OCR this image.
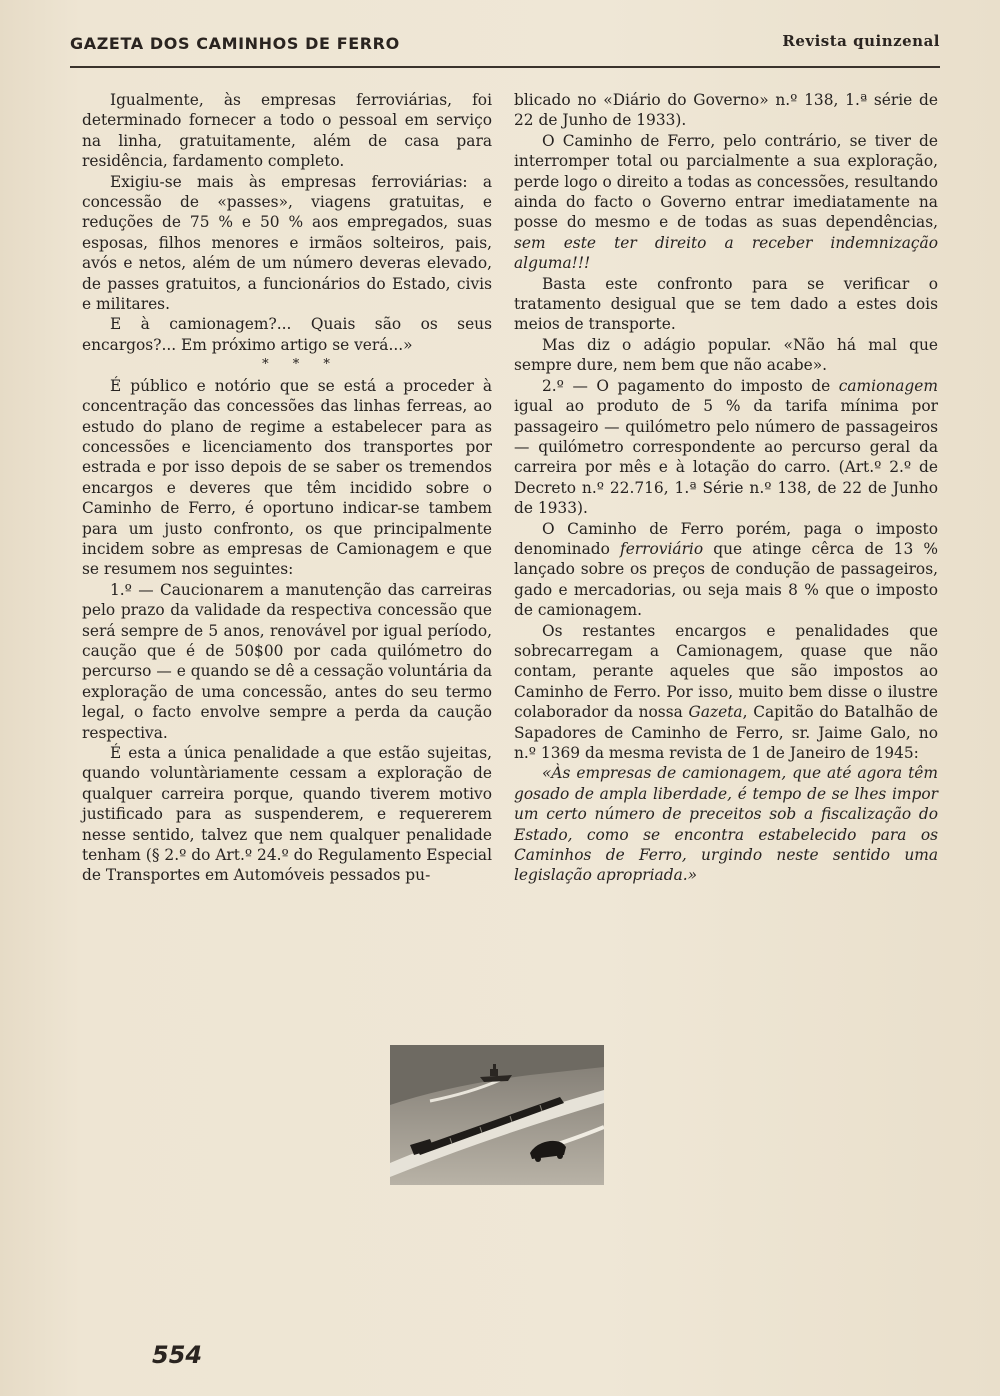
GAZETA DOS CAMINHOS DE FERRO	Revista quinzenal

Igualmente, às empresas ferroviárias, foi determinado fornecer a todo o pessoal em serviço na linha, gratuitamente, além de casa para residência, fardamento completo.

Exigiu-se mais às empresas ferroviárias: a concessão de «passes», viagens gratuitas, e reduções de 75 % e 50 % aos empregados, suas esposas, filhos menores e irmãos solteiros, pais, avós e netos, além de um número deveras elevado, de passes gratuitos, a funcionários do Estado, civis e militares.

E à camionagem?... Quais são os seus encargos?... Em próximo artigo se verá...»

* * *

É público e notório que se está a proceder à concentração das concessões das linhas ferreas, ao estudo do plano de regime a estabelecer para as concessões e licenciamento dos transportes por estrada e por isso depois de se saber os tremendos encargos e deveres que têm incidido sobre o Caminho de Ferro, é oportuno indicar-se tambem para um justo confronto, os que principalmente incidem sobre as empresas de Camionagem e que se resumem nos seguintes:

1.º — Caucionarem a manutenção das carreiras pelo prazo da validade da respectiva concessão que será sempre de 5 anos, renovável por igual período, caução que é de 50$00 por cada quilómetro do percurso — e quando se dê a cessação voluntária da exploração de uma concessão, antes do seu termo legal, o facto envolve sempre a perda da caução respectiva.

É esta a única penalidade a que estão sujeitas, quando voluntàriamente cessam a exploração de qualquer carreira porque, quando tiverem motivo justificado para as suspenderem, e requererem nesse sentido, talvez que nem qualquer penalidade tenham (§ 2.º do Art.º 24.º do Regulamento Especial de Transportes em Automóveis pessados pu-

blicado no «Diário do Governo» n.º 138, 1.ª série de 22 de Junho de 1933).

O Caminho de Ferro, pelo contrário, se tiver de interromper total ou parcialmente a sua exploração, perde logo o direito a todas as concessões, resultando ainda do facto o Governo entrar imediatamente na posse do mesmo e de todas as suas dependências, sem este ter direito a receber indemnização alguma!!!

Basta este confronto para se verificar o tratamento desigual que se tem dado a estes dois meios de transporte.

Mas diz o adágio popular. «Não há mal que sempre dure, nem bem que não acabe».

2.º — O pagamento do imposto de camionagem igual ao produto de 5 % da tarifa mínima por passageiro — quilómetro pelo número de passageiros — quilómetro correspondente ao percurso geral da carreira por mês e à lotação do carro. (Art.º 2.º de Decreto n.º 22.716, 1.ª Série n.º 138, de 22 de Junho de 1933).

O Caminho de Ferro porém, paga o imposto denominado ferroviário que atinge cêrca de 13 % lançado sobre os preços de condução de passageiros, gado e mercadorias, ou seja mais 8 % que o imposto de camionagem.

Os restantes encargos e penalidades que sobrecarregam a Camionagem, quase que não contam, perante aqueles que são impostos ao Caminho de Ferro. Por isso, muito bem disse o ilustre colaborador da nossa Gazeta, Capitão do Batalhão de Sapadores de Caminho de Ferro, sr. Jaime Galo, no n.º 1369 da mesma revista de 1 de Janeiro de 1945:

«Às empresas de camionagem, que até agora têm gosado de ampla liberdade, é tempo de se lhes impor um certo número de preceitos sob a fiscalização do Estado, como se encontra estabelecido para os Caminhos de Ferro, urgindo neste sentido uma legislação apropriada.»

554
